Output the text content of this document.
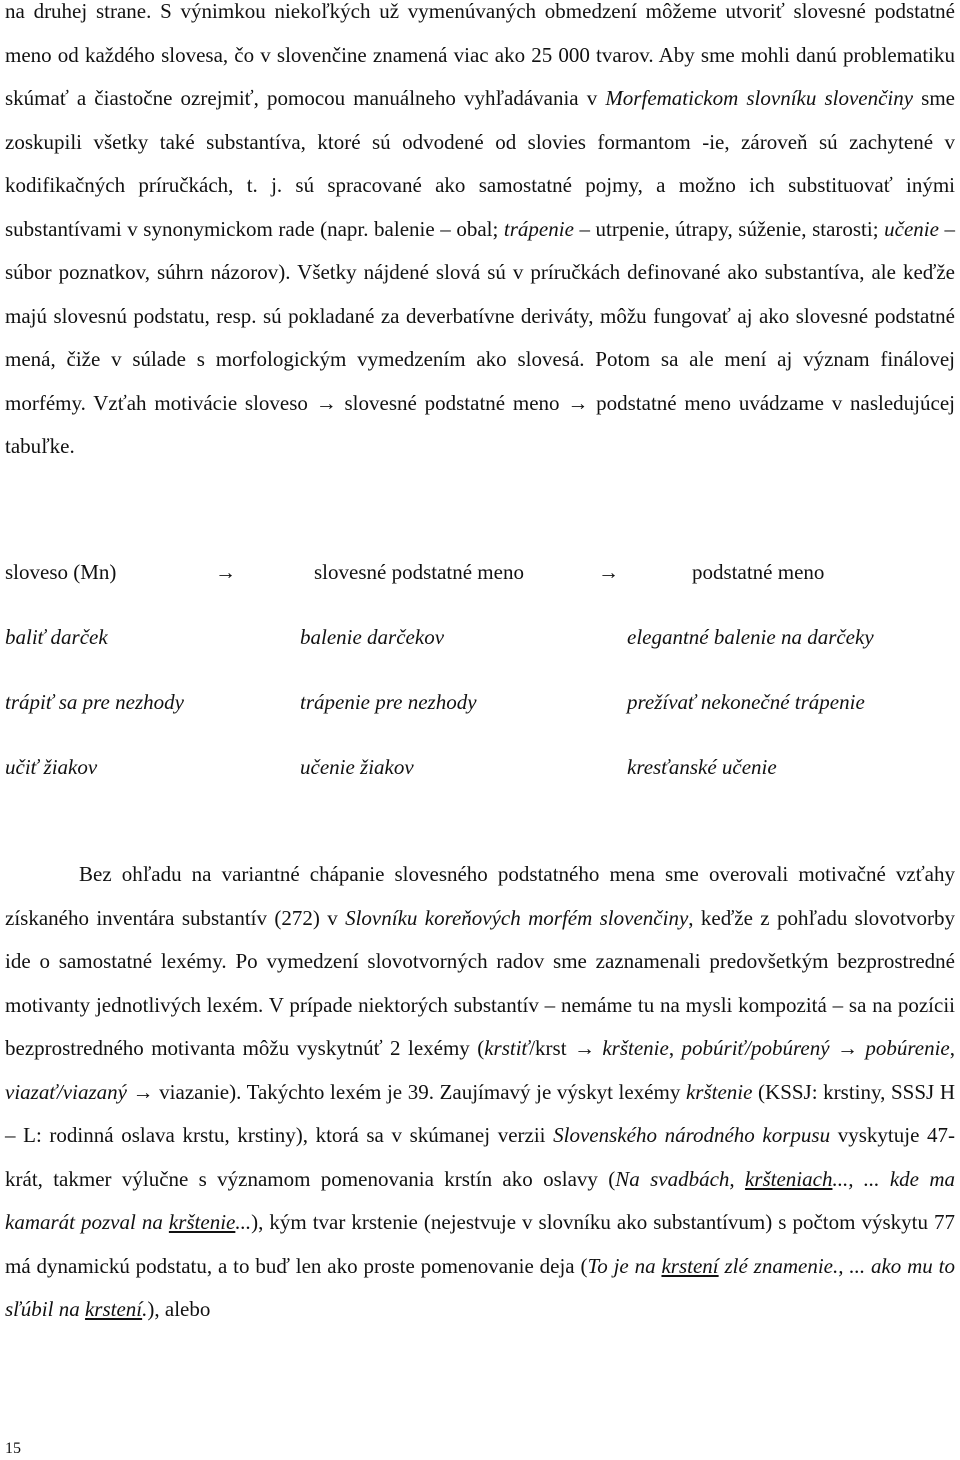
na druhej strane. S výnimkou niekoľkých už vymenúvaných obmedzení môžeme utvoriť slovesné podstatné meno od každého slovesa, čo v slovenčine znamená viac ako 25 000 tvarov. Aby sme mohli danú problematiku skúmať a čiastočne ozrejmiť, pomocou manuálneho vyhľadávania v Morfematickom slovníku slovenčiny sme zoskupili všetky také substantíva, ktoré sú odvodené od slovies formantom -ie, zároveň sú zachytené v kodifikačných príručkách, t. j. sú spracované ako samostatné pojmy, a možno ich substituovať inými substantívami v synonymickom rade (napr. balenie – obal; trápenie – utrpenie, útrapy, súženie, starosti; učenie – súbor poznatkov, súhrn názorov). Všetky nájdené slová sú v príručkách definované ako substantíva, ale keďže majú slovesnú podstatu, resp. sú pokladané za deverbatívne deriváty, môžu fungovať aj ako slovesné podstatné mená, čiže v súlade s morfologickým vymedzením ako slovesá. Potom sa ale mení aj význam finálovej morfémy. Vzťah motivácie sloveso → slovesné podstatné meno → podstatné meno uvádzame v nasledujúcej tabuľke.

sloveso (Mn)	→	slovesné podstatné meno	→	podstatné meno
baliť darček	balenie darčekov	elegantné balenie na darčeky
trápiť sa pre nezhody	trápenie pre nezhody	prežívať nekonečné trápenie
učiť žiakov	učenie žiakov	kresťanské učenie

Bez ohľadu na variantné chápanie slovesného podstatného mena sme overovali motivačné vzťahy získaného inventára substantív (272) v Slovníku koreňových morfém slovenčiny, keďže z pohľadu slovotvorby ide o samostatné lexémy. Po vymedzení slovotvorných radov sme zaznamenali predovšetkým bezprostredné motivanty jednotlivých lexém. V prípade niektorých substantív – nemáme tu na mysli kompozitá – sa na pozícii bezprostredného motivanta môžu vyskytnúť 2 lexémy (krstiť/krst → krštenie, pobúriť/pobúrený → pobúrenie, viazať/viazaný → viazanie). Takýchto lexém je 39. Zaujímavý je výskyt lexémy krštenie (KSSJ: krstiny, SSSJ H – L: rodinná oslava krstu, krstiny), ktorá sa v skúmanej verzii Slovenského národného korpusu vyskytuje 47-krát, takmer výlučne s významom pomenovania krstín ako oslavy (Na svadbách, kršteniach..., ... kde ma kamarát pozval na krštenie...), kým tvar krstenie (nejestvuje v slovníku ako substantívum) s počtom výskytu 77 má dynamickú podstatu, a to buď len ako proste pomenovanie deja (To je na krstení zlé znamenie., ... ako mu to sľúbil na krstení.), alebo

15
